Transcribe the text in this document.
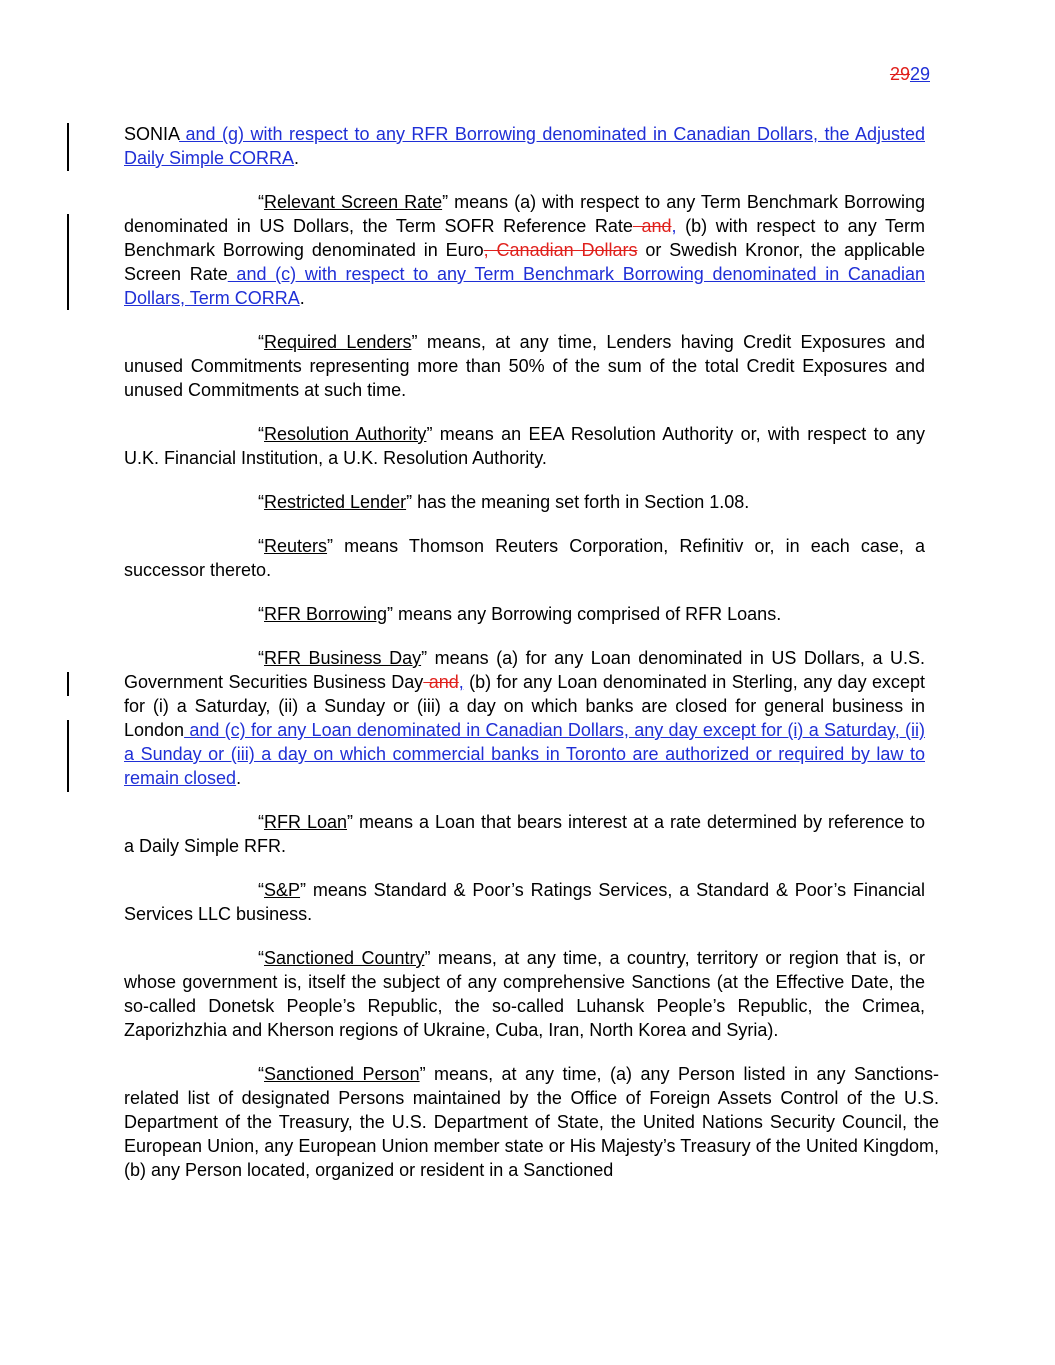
2929

SONIA and (g) with respect to any RFR Borrowing denominated in Canadian Dollars, the Adjusted Daily Simple CORRA.

“Relevant Screen Rate” means (a) with respect to any Term Benchmark Borrowing denominated in US Dollars, the Term SOFR Reference Rate and, (b) with respect to any Term Benchmark Borrowing denominated in Euro, Canadian Dollars or Swedish Kronor, the applicable Screen Rate and (c) with respect to any Term Benchmark Borrowing denominated in Canadian Dollars, Term CORRA.

“Required Lenders” means, at any time, Lenders having Credit Exposures and unused Commitments representing more than 50% of the sum of the total Credit Exposures and unused Commitments at such time.

“Resolution Authority” means an EEA Resolution Authority or, with respect to any U.K. Financial Institution, a U.K. Resolution Authority.

“Restricted Lender” has the meaning set forth in Section 1.08.

“Reuters” means Thomson Reuters Corporation, Refinitiv or, in each case, a successor thereto.

“RFR Borrowing” means any Borrowing comprised of RFR Loans.

“RFR Business Day” means (a) for any Loan denominated in US Dollars, a U.S. Government Securities Business Day and, (b) for any Loan denominated in Sterling, any day except for (i) a Saturday, (ii) a Sunday or (iii) a day on which banks are closed for general business in London and (c) for any Loan denominated in Canadian Dollars, any day except for (i) a Saturday, (ii) a Sunday or (iii) a day on which commercial banks in Toronto are authorized or required by law to remain closed.

“RFR Loan” means a Loan that bears interest at a rate determined by reference to a Daily Simple RFR.

“S&P” means Standard & Poor’s Ratings Services, a Standard & Poor’s Financial Services LLC business.

“Sanctioned Country” means, at any time, a country, territory or region that is, or whose government is, itself the subject of any comprehensive Sanctions (at the Effective Date, the so-called Donetsk People’s Republic, the so-called Luhansk People’s Republic, the Crimea, Zaporizhzhia and Kherson regions of Ukraine, Cuba, Iran, North Korea and Syria).

“Sanctioned Person” means, at any time, (a) any Person listed in any Sanctions-related list of designated Persons maintained by the Office of Foreign Assets Control of the U.S. Department of the Treasury, the U.S. Department of State, the United Nations Security Council, the European Union, any European Union member state or His Majesty’s Treasury of the United Kingdom, (b) any Person located, organized or resident in a Sanctioned
